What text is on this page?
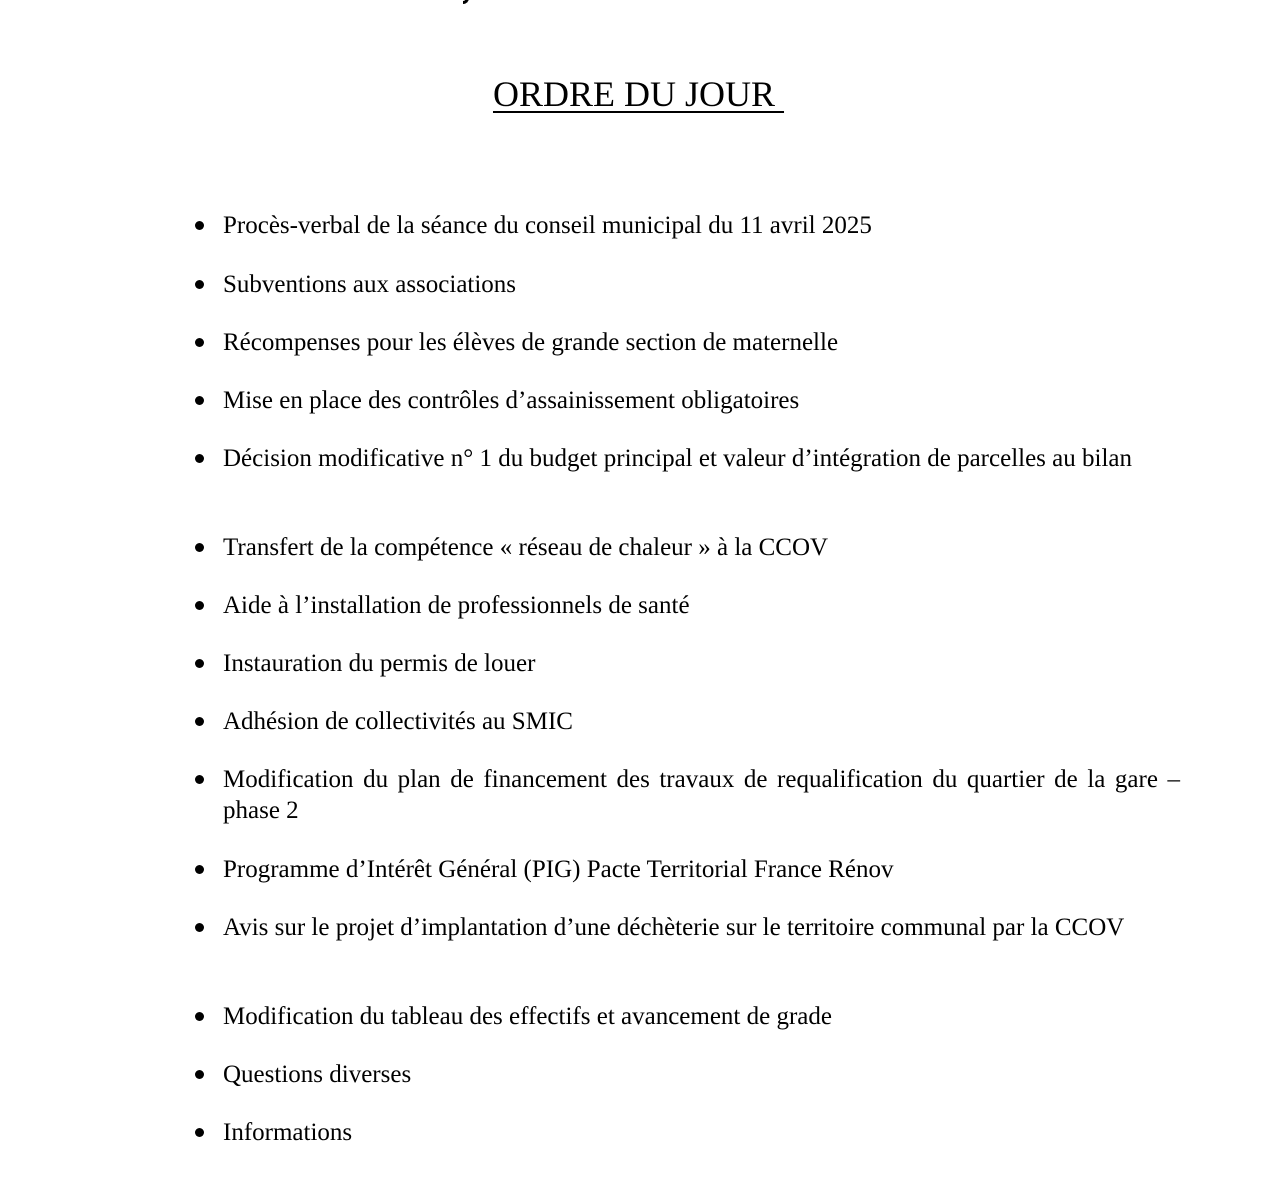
ORDRE DU JOUR
Procès-verbal de la séance du conseil municipal du 11 avril 2025
Subventions aux associations
Récompenses pour les élèves de grande section de maternelle
Mise en place des contrôles d’assainissement obligatoires
Décision modificative n° 1 du budget principal et valeur d’intégration de parcelles au bilan
Transfert de la compétence « réseau de chaleur » à la CCOV
Aide à l’installation de professionnels de santé
Instauration du permis de louer
Adhésion de collectivités au SMIC
Modification du plan de financement des travaux de requalification du quartier de la gare – phase 2
Programme d’Intérêt Général (PIG) Pacte Territorial France Rénov
Avis sur le projet d’implantation d’une déchèterie sur le territoire communal par la CCOV
Modification du tableau des effectifs et avancement de grade
Questions diverses
Informations
